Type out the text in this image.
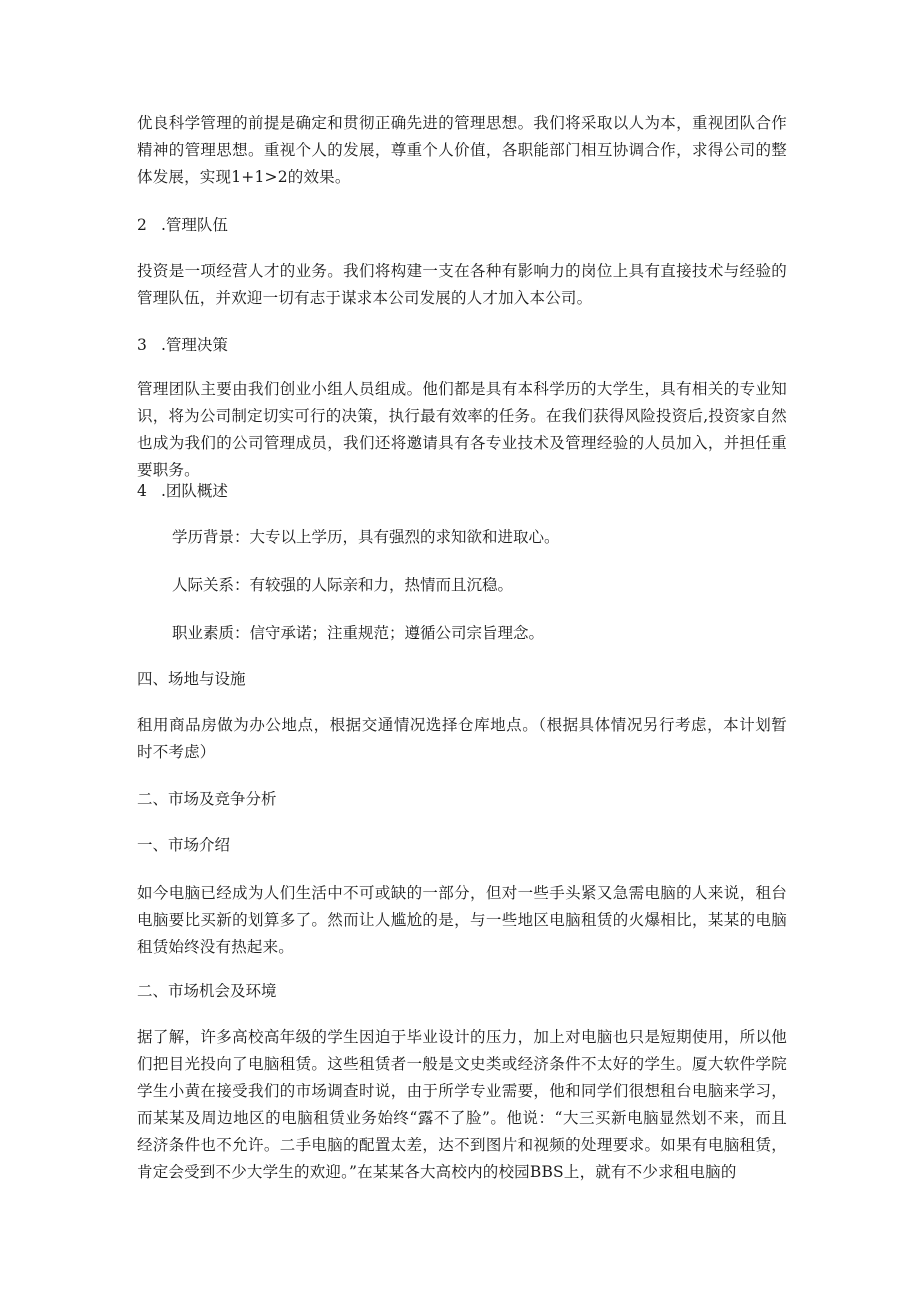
优良科学管理的前提是确定和贯彻正确先进的管理思想。我们将采取以人为本，重视团队合作精神的管理思想。重视个人的发展，尊重个人价值，各职能部门相互协调合作，求得公司的整体发展，实现1+1>2的效果。

2 .管理队伍

投资是一项经营人才的业务。我们将构建一支在各种有影响力的岗位上具有直接技术与经验的管理队伍，并欢迎一切有志于谋求本公司发展的人才加入本公司。

3 .管理决策

管理团队主要由我们创业小组人员组成。他们都是具有本科学历的大学生，具有相关的专业知识，将为公司制定切实可行的决策，执行最有效率的任务。在我们获得风险投资后,投资家自然也成为我们的公司管理成员，我们还将邀请具有各专业技术及管理经验的人员加入，并担任重要职务。

4 .团队概述

学历背景：大专以上学历，具有强烈的求知欲和进取心。

人际关系：有较强的人际亲和力，热情而且沉稳。

职业素质：信守承诺；注重规范；遵循公司宗旨理念。

四、场地与设施

租用商品房做为办公地点，根据交通情况选择仓库地点。（根据具体情况另行考虑，本计划暂时不考虑）

二、市场及竞争分析

一、市场介绍

如今电脑已经成为人们生活中不可或缺的一部分，但对一些手头紧又急需电脑的人来说，租台电脑要比买新的划算多了。然而让人尴尬的是，与一些地区电脑租赁的火爆相比，某某的电脑租赁始终没有热起来。

二、市场机会及环境

据了解，许多高校高年级的学生因迫于毕业设计的压力，加上对电脑也只是短期使用，所以他们把目光投向了电脑租赁。这些租赁者一般是文史类或经济条件不太好的学生。厦大软件学院学生小黄在接受我们的市场调查时说，由于所学专业需要，他和同学们很想租台电脑来学习，而某某及周边地区的电脑租赁业务始终“露不了脸”。他说：“大三买新电脑显然划不来，而且经济条件也不允许。二手电脑的配置太差，达不到图片和视频的处理要求。如果有电脑租赁，肯定会受到不少大学生的欢迎。”在某某各大高校内的校园BBS上，就有不少求租电脑的
